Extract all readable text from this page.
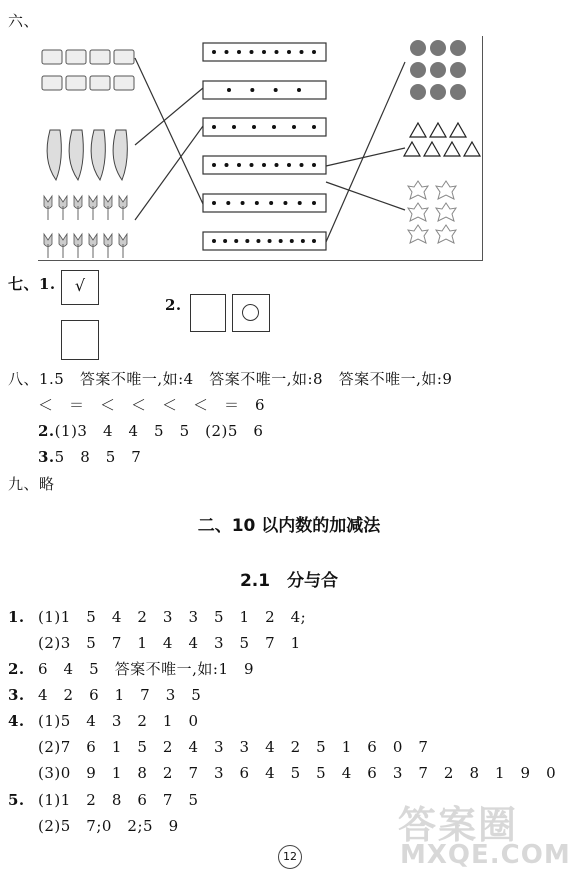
六、
七、1.	√
2.
八、1.5　答案不唯一,如:4　答案不唯一,如:8　答案不唯一,如:9
＜　＝　＜　＜　＜　＜　＝　6
2.(1)3　4　4　5　5　(2)5　6
3.5　8　5　7
九、略
二、10 以内数的加减法
2.1　分与合
1. (1)1　5　4　2　3　3　5　1　2　4;
(2)3　5　7　1　4　4　3　5　7　1
2. 6　4　5　答案不唯一,如:1　9
3. 4　2　6　1　7　3　5
4. (1)5　4　3　2　1　0
(2)7　6　1　5　2　4　3　3　4　2　5　1　6　0　7
(3)0　9　1　8　2　7　3　6　4　5　5　4　6　3　7　2　8　1　9　0
5. (1)1　2　8　6　7　5
(2)5　7;0　2;5　9
12
答案圈
MXQE.COM
